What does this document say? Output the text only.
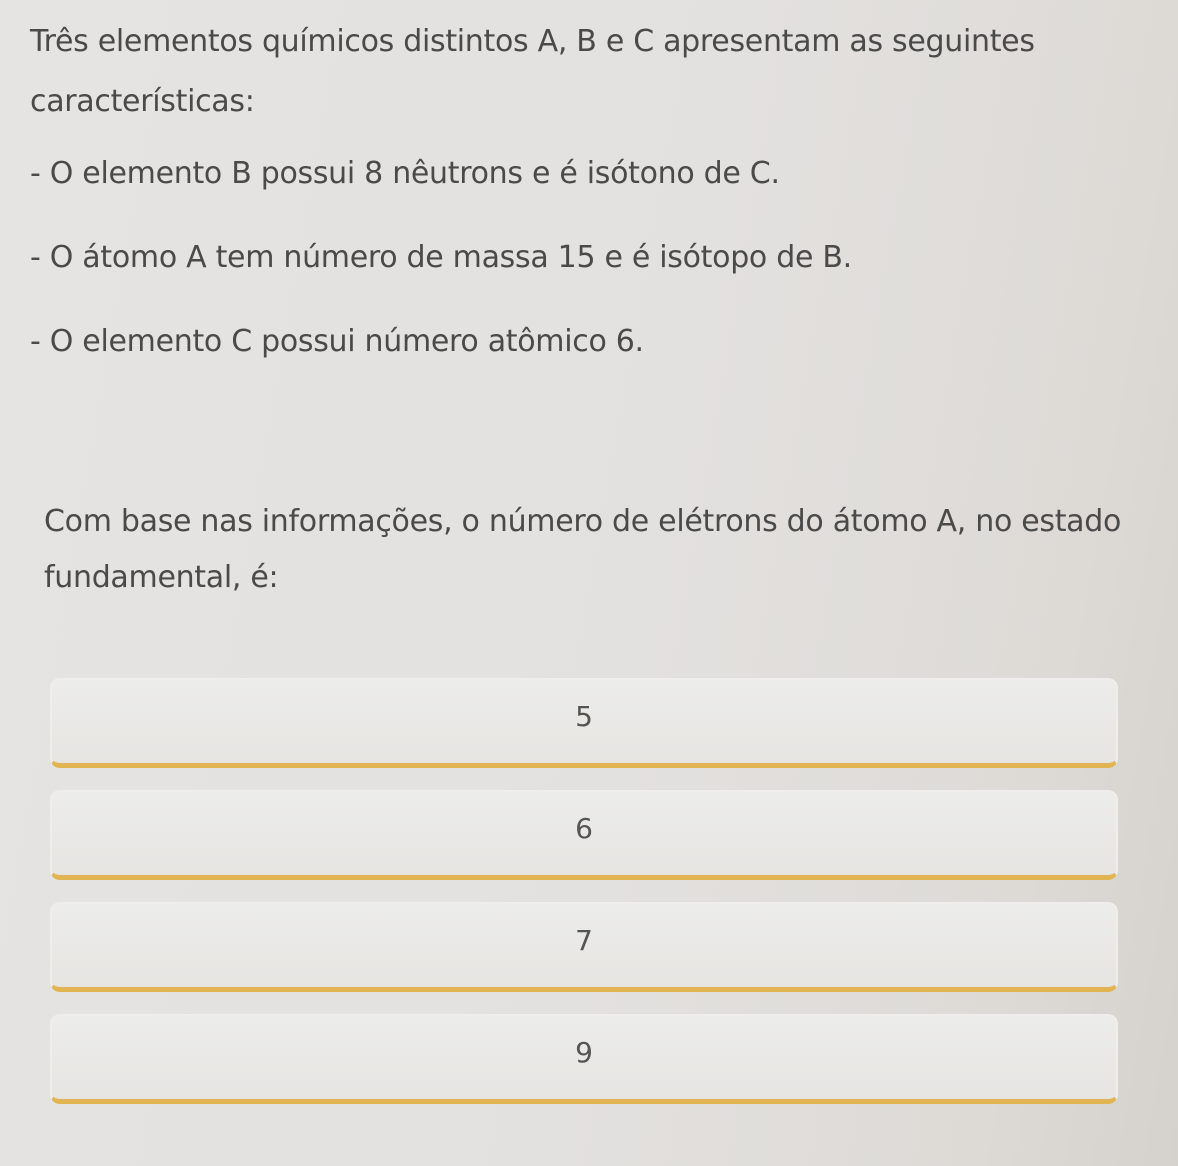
Três elementos químicos distintos A, B e C apresentam as seguintes características:

- O elemento B possui 8 nêutrons e é isótono de C.
- O átomo A tem número de massa 15 e é isótopo de B.
- O elemento C possui número atômico 6.

Com base nas informações, o número de elétrons do átomo A, no estado fundamental, é:

5
6
7
9
